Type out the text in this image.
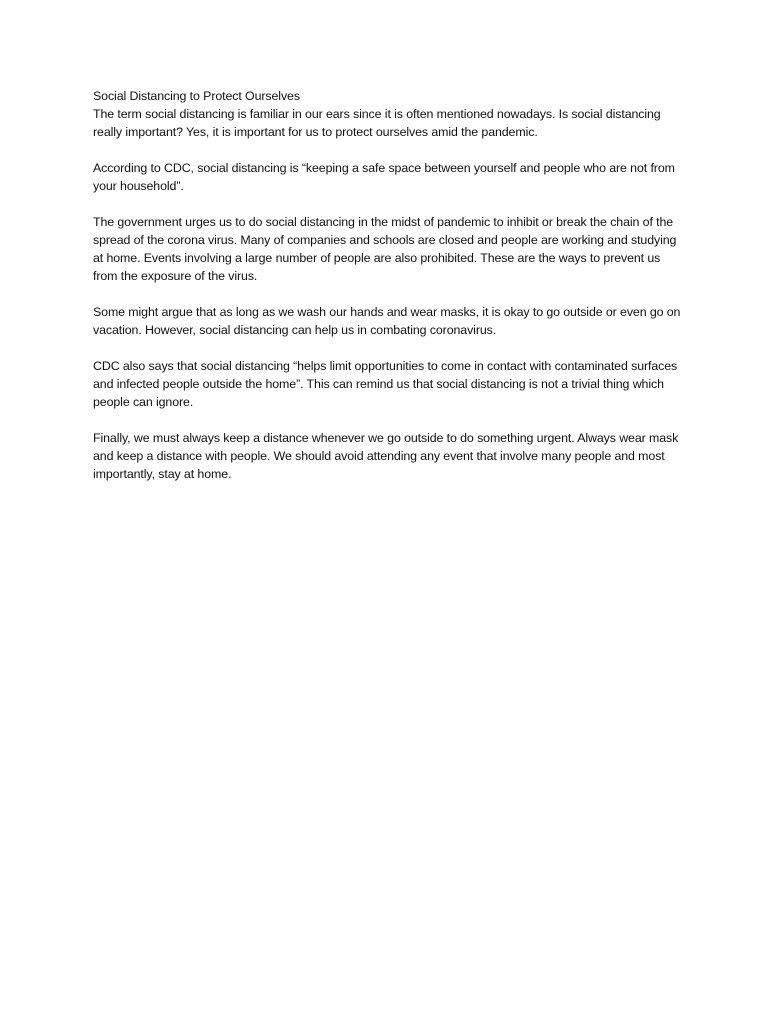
Social Distancing to Protect Ourselves

The term social distancing is familiar in our ears since it is often mentioned nowadays. Is social distancing really important? Yes, it is important for us to protect ourselves amid the pandemic.

According to CDC, social distancing is “keeping a safe space between yourself and people who are not from your household”.

The government urges us to do social distancing in the midst of pandemic to inhibit or break the chain of the spread of the corona virus. Many of companies and schools are closed and people are working and studying at home. Events involving a large number of people are also prohibited. These are the ways to prevent us from the exposure of the virus.

Some might argue that as long as we wash our hands and wear masks, it is okay to go outside or even go on vacation. However, social distancing can help us in combating coronavirus.

CDC also says that social distancing “helps limit opportunities to come in contact with contaminated surfaces and infected people outside the home”. This can remind us that social distancing is not a trivial thing which people can ignore.

Finally, we must always keep a distance whenever we go outside to do something urgent. Always wear mask and keep a distance with people. We should avoid attending any event that involve many people and most importantly, stay at home.
